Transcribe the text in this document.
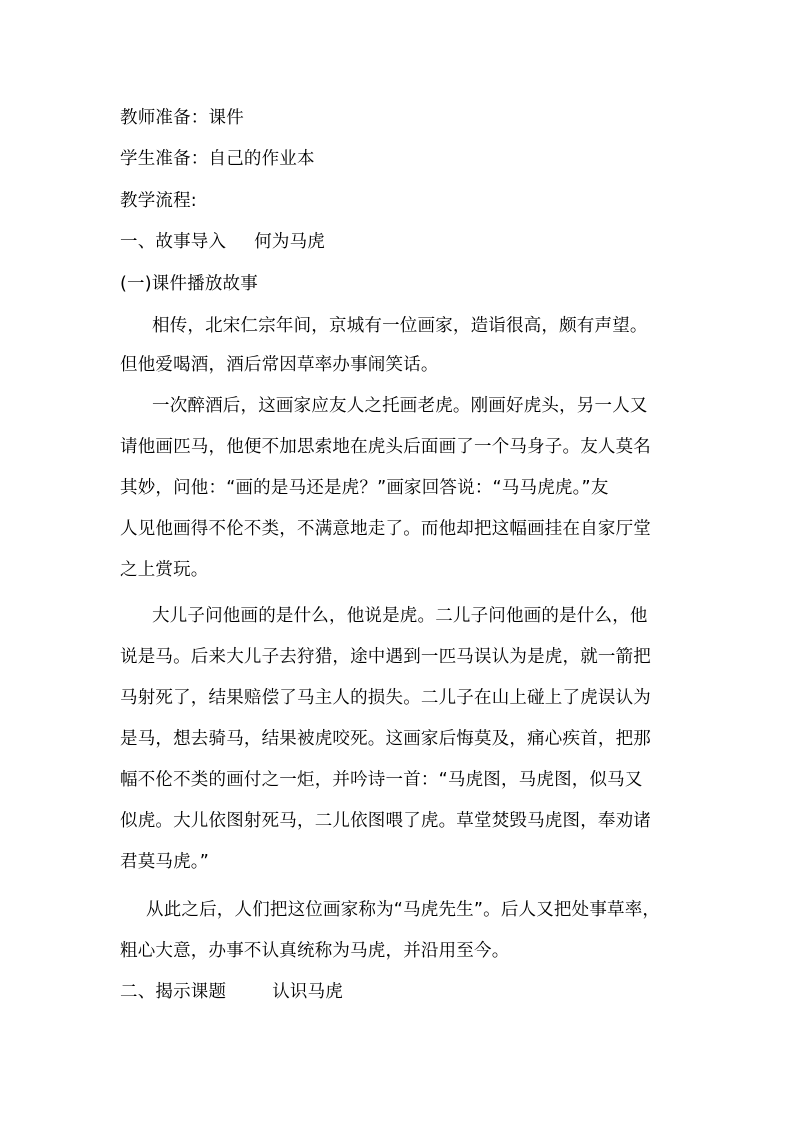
教师准备：课件
学生准备：自己的作业本
教学流程:
一、故事导入 何为马虎
(一)课件播放故事
相传，北宋仁宗年间，京城有一位画家，造诣很高，颇有声望。
但他爱喝酒，酒后常因草率办事闹笑话。
一次醉酒后，这画家应友人之托画老虎。刚画好虎头，另一人又
请他画匹马，他便不加思索地在虎头后面画了一个马身子。友人莫名
其妙，问他：“画的是马还是虎？”画家回答说：“马马虎虎。”友
人见他画得不伦不类，不满意地走了。而他却把这幅画挂在自家厅堂
之上赏玩。
大儿子问他画的是什么，他说是虎。二儿子问他画的是什么，他
说是马。后来大儿子去狩猎，途中遇到一匹马误认为是虎，就一箭把
马射死了，结果赔偿了马主人的损失。二儿子在山上碰上了虎误认为
是马，想去骑马，结果被虎咬死。这画家后悔莫及，痛心疾首，把那
幅不伦不类的画付之一炬，并吟诗一首：“马虎图，马虎图，似马又
似虎。大儿依图射死马，二儿依图喂了虎。草堂焚毁马虎图，奉劝诸
君莫马虎。”
从此之后，人们把这位画家称为“马虎先生”。后人又把处事草率，
粗心大意，办事不认真统称为马虎，并沿用至今。
二、揭示课题	认识马虎
